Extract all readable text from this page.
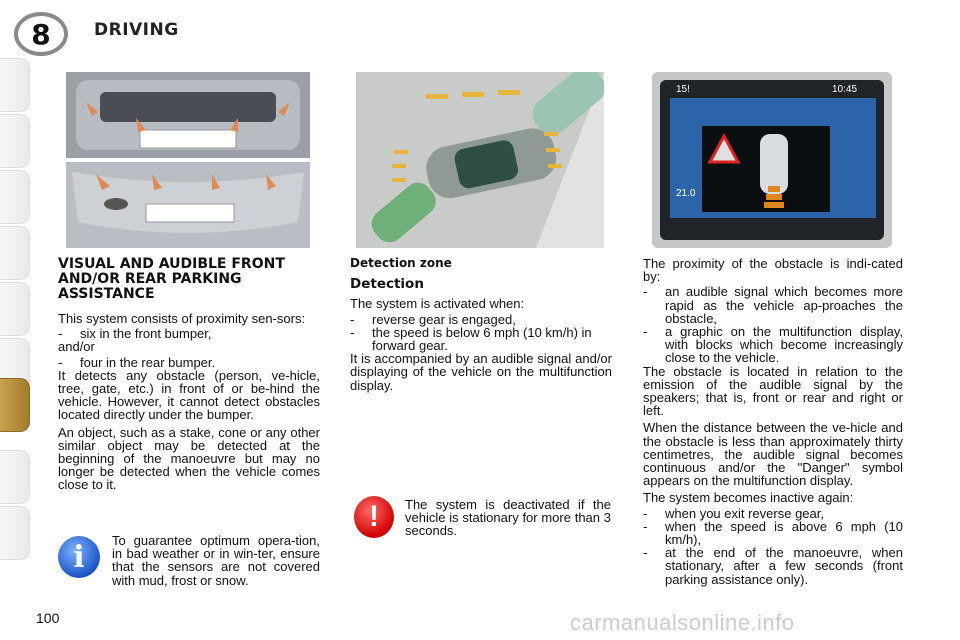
8	DRIVING
15!	10:45
21.0
VISUAL AND AUDIBLE FRONT AND/OR REAR PARKING ASSISTANCE
This system consists of proximity sen-sors:
-	six in the front bumper,
and/or
-	four in the rear bumper.
It detects any obstacle (person, ve-hicle, tree, gate, etc.) in front of or be-hind the vehicle. However, it cannot detect obstacles located directly under the bumper.
An object, such as a stake, cone or any other similar object may be detected at the beginning of the manoeuvre but may no longer be detected when the vehicle comes close to it.
i	To guarantee optimum opera-tion, in bad weather or in win-ter, ensure that the sensors are not covered with mud, frost or snow.
Detection zone
Detection
The system is activated when:
-	reverse gear is engaged,
-	the speed is below 6 mph (10 km/h) in forward gear.
It is accompanied by an audible signal and/or displaying of the vehicle on the multifunction display.
!	The system is deactivated if the vehicle is stationary for more than 3 seconds.
The proximity of the obstacle is indi-cated by:
-	an audible signal which becomes more rapid as the vehicle ap-proaches the obstacle,
-	a graphic on the multifunction display, with blocks which become increasingly close to the vehicle.
The obstacle is located in relation to the emission of the audible signal by the speakers; that is, front or rear and right or left.
When the distance between the ve-hicle and the obstacle is less than approximately thirty centimetres, the audible signal becomes continuous and/or the "Danger" symbol appears on the multifunction display.
The system becomes inactive again:
-	when you exit reverse gear,
-	when the speed is above 6 mph (10 km/h),
-	at the end of the manoeuvre, when stationary, after a few seconds (front parking assistance only).
100	carmanualsonline.info
